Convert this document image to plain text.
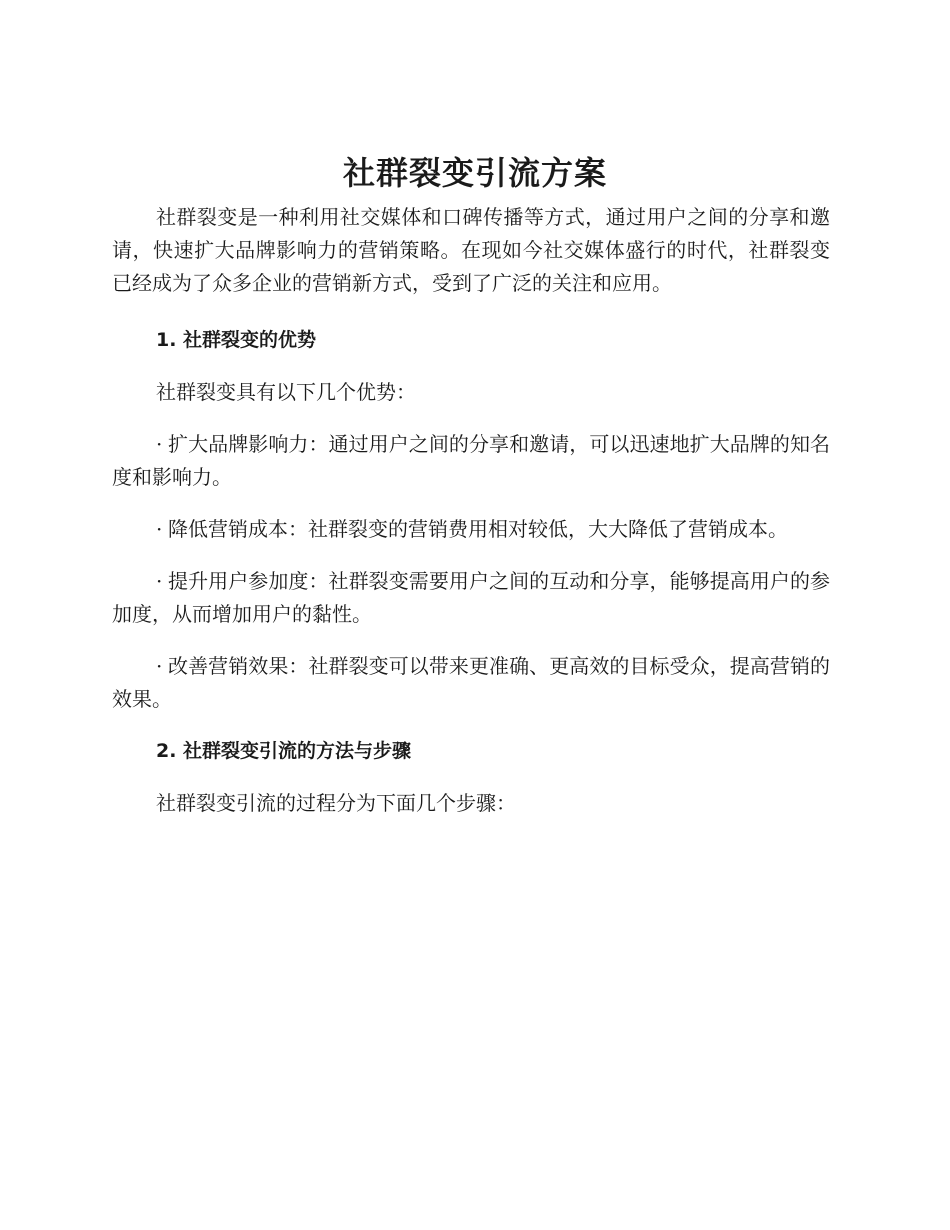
社群裂变引流方案

社群裂变是一种利用社交媒体和口碑传播等方式，通过用户之间的分享和邀请，快速扩大品牌影响力的营销策略。在现如今社交媒体盛行的时代，社群裂变已经成为了众多企业的营销新方式，受到了广泛的关注和应用。

1. 社群裂变的优势

社群裂变具有以下几个优势：

· 扩大品牌影响力：通过用户之间的分享和邀请，可以迅速地扩大品牌的知名度和影响力。

· 降低营销成本：社群裂变的营销费用相对较低，大大降低了营销成本。

· 提升用户参加度：社群裂变需要用户之间的互动和分享，能够提高用户的参加度，从而增加用户的黏性。

· 改善营销效果：社群裂变可以带来更准确、更高效的目标受众，提高营销的效果。

2. 社群裂变引流的方法与步骤

社群裂变引流的过程分为下面几个步骤：
